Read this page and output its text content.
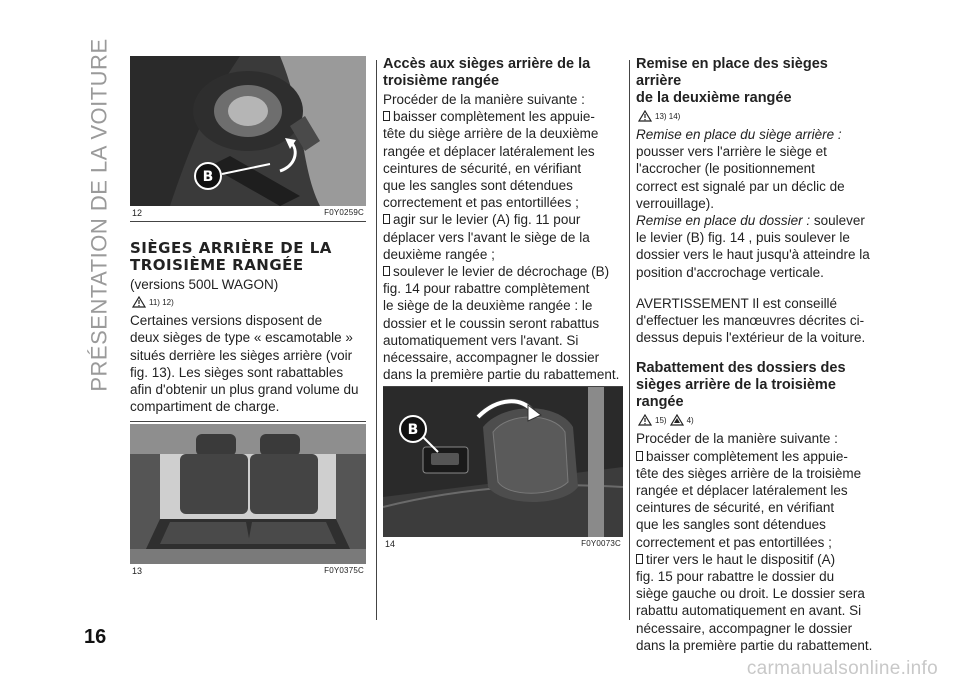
PRÉSENTATION DE LA VOITURE	B
12	F0Y0259C
SIÈGES ARRIÈRE DE LA
TROISIÈME RANGÉE

(versions 500L WAGON)

11) 12)

Certaines versions disposent de

deux sièges de type « escamotable »

situés derrière les sièges arrière (voir

fig. 13). Les sièges sont rabattables

afin d'obtenir un plus grand volume du

compartiment de charge.

13	F0Y0375C
Accès aux sièges arrière de la
troisième rangée

Procéder de la manière suivante :

baisser complètement les appuie-

tête du siège arrière de la deuxième

rangée et déplacer latéralement les

ceintures de sécurité, en vérifiant

que les sangles sont détendues

correctement et pas entortillées ;

agir sur le levier (A) fig. 11 pour

déplacer vers l'avant le siège de la

deuxième rangée ;

soulever le levier de décrochage (B)

fig. 14 pour rabattre complètement

le siège de la deuxième rangée : le

dossier et le coussin seront rabattus

automatiquement vers l'avant. Si

nécessaire, accompagner le dossier

dans la première partie du rabattement.

B
14	F0Y0073C
Remise en place des sièges arrière
de la deuxième rangée
13) 14)

Remise en place du siège arrière :

pousser vers l'arrière le siège et

l'accrocher (le positionnement

correct est signalé par un déclic de

verrouillage).

Remise en place du dossier : soulever

le levier (B) fig. 14 , puis soulever le

dossier vers le haut jusqu'à atteindre la

position d'accrochage verticale.

AVERTISSEMENT Il est conseillé

d'effectuer les manœuvres décrites ci-

dessus depuis l'extérieur de la voiture.

Rabattement des dossiers des
sièges arrière de la troisième
rangée
15)	4)

Procéder de la manière suivante :

baisser complètement les appuie-

tête des sièges arrière de la troisième

rangée et déplacer latéralement les

ceintures de sécurité, en vérifiant

que les sangles sont détendues

correctement et pas entortillées ;

tirer vers le haut le dispositif (A)

fig. 15 pour rabattre le dossier du

siège gauche ou droit. Le dossier sera

rabattu automatiquement en avant. Si

nécessaire, accompagner le dossier

dans la première partie du rabattement.

16
carmanualsonline.info
